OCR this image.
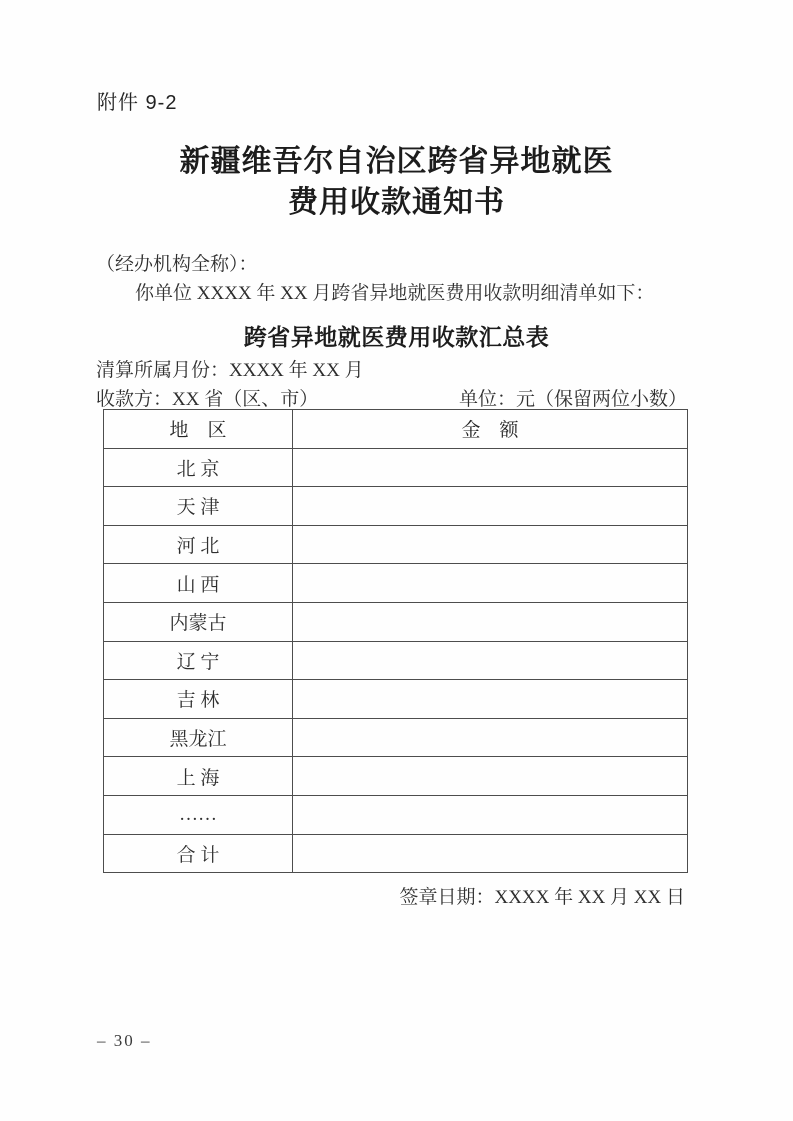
附件 9-2
新疆维吾尔自治区跨省异地就医
费用收款通知书
（经办机构全称）：
你单位 XXXX 年 XX 月跨省异地就医费用收款明细清单如下：
跨省异地就医费用收款汇总表
清算所属月份：XXXX 年 XX 月
收款方：XX 省（区、市）	单位：元（保留两位小数）
地　区	金　额
北 京	
天 津	
河 北	
山 西	
内蒙古	
辽 宁	
吉 林	
黑龙江	
上 海	
……	
合 计	
签章日期：XXXX 年 XX 月 XX 日
– 30 –
